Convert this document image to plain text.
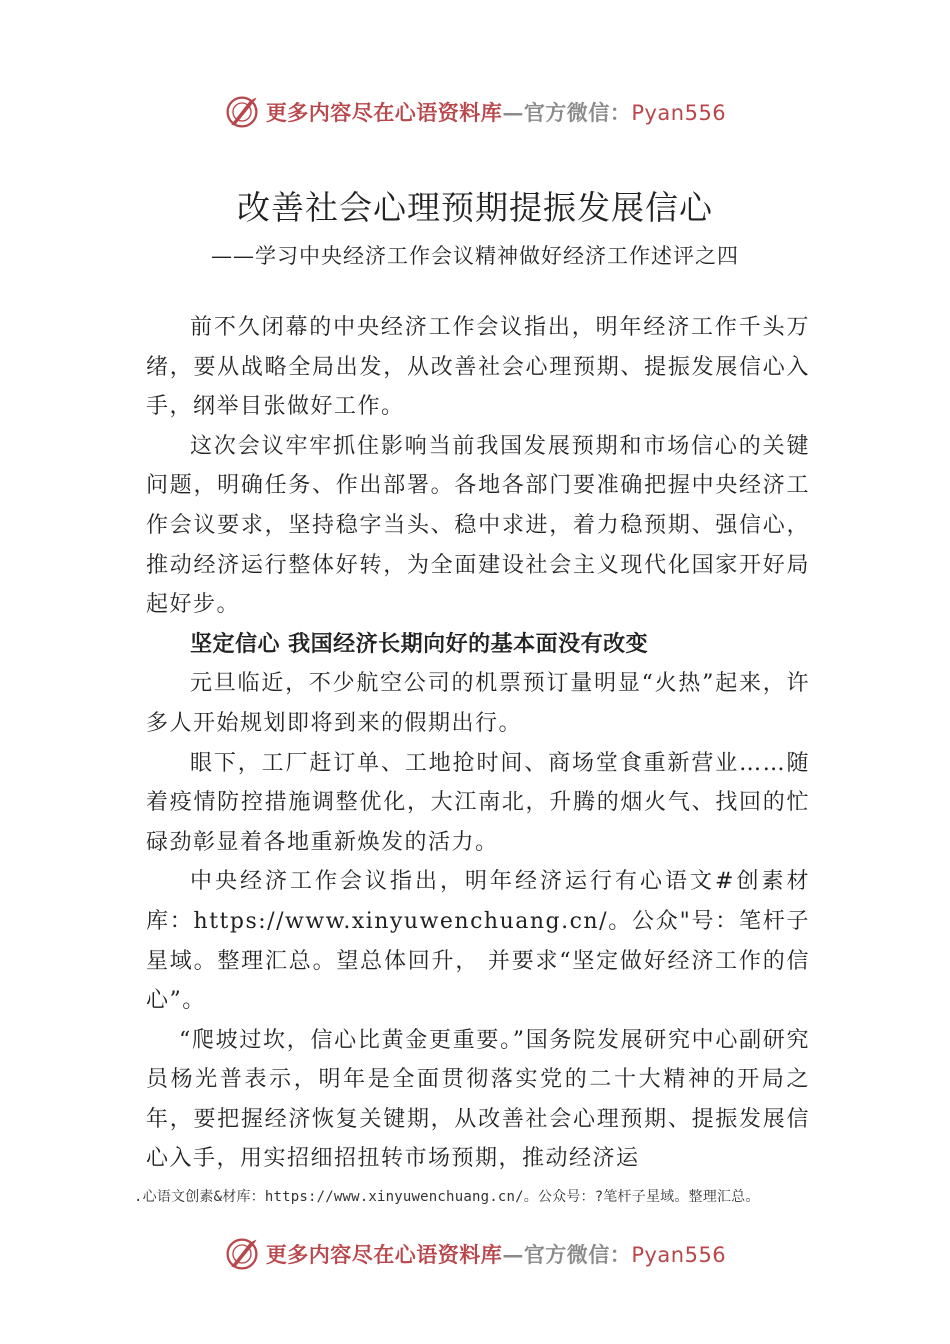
更多内容尽在心语资料库—官方微信：Pyan556
改善社会心理预期提振发展信心
——学习中央经济工作会议精神做好经济工作述评之四

前不久闭幕的中央经济工作会议指出，明年经济工作千头万绪，要从战略全局出发，从改善社会心理预期、提振发展信心入手，纲举目张做好工作。

这次会议牢牢抓住影响当前我国发展预期和市场信心的关键问题，明确任务、作出部署。各地各部门要准确把握中央经济工作会议要求，坚持稳字当头、稳中求进，着力稳预期、强信心，推动经济运行整体好转，为全面建设社会主义现代化国家开好局起好步。

坚定信心 我国经济长期向好的基本面没有改变

元旦临近，不少航空公司的机票预订量明显“火热”起来，许多人开始规划即将到来的假期出行。

眼下，工厂赶订单、工地抢时间、商场堂食重新营业……随着疫情防控措施调整优化，大江南北，升腾的烟火气、找回的忙碌劲彰显着各地重新焕发的活力。

中央经济工作会议指出，明年经济运行有心语文#创素材库：https://www.xinyuwenchuang.cn/。公众"号：笔杆子星域。整理汇总。望总体回升， 并要求“坚定做好经济工作的信心”。

“爬坡过坎，信心比黄金更重要。”国务院发展研究中心副研究员杨光普表示，明年是全面贯彻落实党的二十大精神的开局之年，要把握经济恢复关键期，从改善社会心理预期、提振发展信心入手，用实招细招扭转市场预期，推动经济运

.心语文创素&材库：https://www.xinyuwenchuang.cn/。公众号：?笔杆子星域。整理汇总。
更多内容尽在心语资料库—官方微信：Pyan556
